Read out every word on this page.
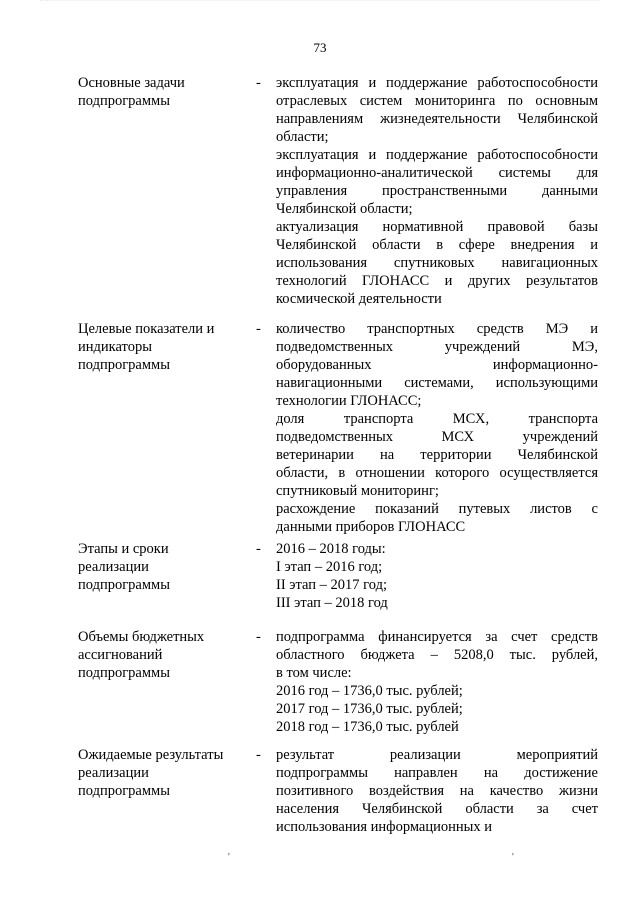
73
Основные задачи
подпрограммы
- эксплуатация и поддержание работоспособности
отраслевых систем мониторинга по основным
направлениям жизнедеятельности Челябинской
области;
эксплуатация и поддержание работоспособности
информационно-аналитической системы для
управления пространственными данными
Челябинской области;
актуализация нормативной правовой базы
Челябинской области в сфере внедрения и
использования спутниковых навигационных
технологий ГЛОНАСС и других результатов
космической деятельности
Целевые показатели и
индикаторы
подпрограммы
- количество транспортных средств МЭ и
подведомственных учреждений МЭ,
оборудованных информационно-
навигационными системами, использующими
технологии ГЛОНАСС;
доля транспорта МСХ, транспорта
подведомственных МСХ учреждений
ветеринарии на территории Челябинской
области, в отношении которого осуществляется
спутниковый мониторинг;
расхождение показаний путевых листов с
данными приборов ГЛОНАСС
Этапы и сроки
реализации
подпрограммы
- 2016 – 2018 годы:
I этап – 2016 год;
II этап – 2017 год;
III этап – 2018 год
Объемы бюджетных
ассигнований
подпрограммы
- подпрограмма финансируется за счет средств
областного бюджета – 5208,0 тыс. рублей,
в том числе:
2016 год – 1736,0 тыс. рублей;
2017 год – 1736,0 тыс. рублей;
2018 год – 1736,0 тыс. рублей
Ожидаемые результаты
реализации
подпрограммы
- результат реализации мероприятий
подпрограммы направлен на достижение
позитивного воздействия на качество жизни
населения Челябинской области за счет
использования информационных и
'	'
